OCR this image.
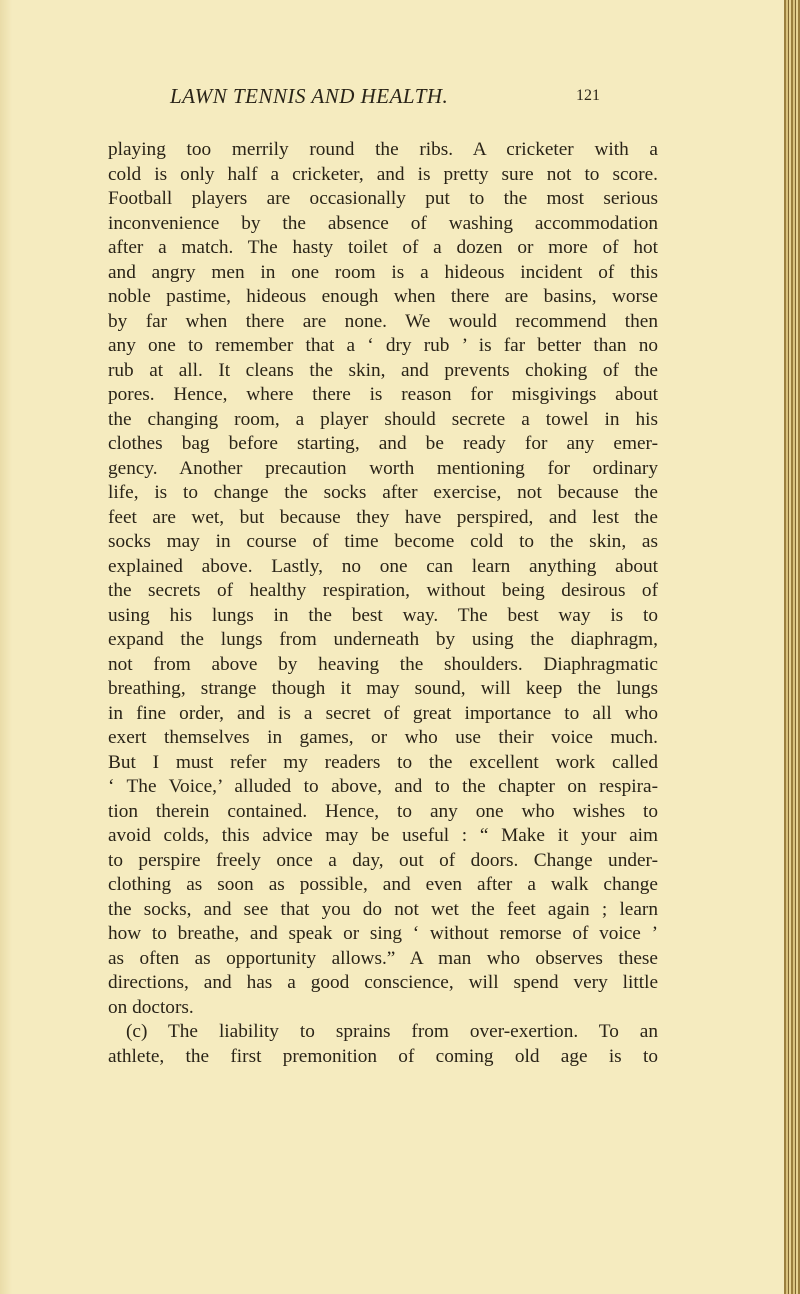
LAWN TENNIS AND HEALTH.	121
playing too merrily round the ribs. A cricketer with a
cold is only half a cricketer, and is pretty sure not to score.
Football players are occasionally put to the most serious
inconvenience by the absence of washing accommodation
after a match. The hasty toilet of a dozen or more of hot
and angry men in one room is a hideous incident of this
noble pastime, hideous enough when there are basins, worse
by far when there are none. We would recommend then
any one to remember that a ‘ dry rub ’ is far better than no
rub at all. It cleans the skin, and prevents choking of the
pores. Hence, where there is reason for misgivings about
the changing room, a player should secrete a towel in his
clothes bag before starting, and be ready for any emer-
gency. Another precaution worth mentioning for ordinary
life, is to change the socks after exercise, not because the
feet are wet, but because they have perspired, and lest the
socks may in course of time become cold to the skin, as
explained above. Lastly, no one can learn anything about
the secrets of healthy respiration, without being desirous of
using his lungs in the best way. The best way is to
expand the lungs from underneath by using the diaphragm,
not from above by heaving the shoulders. Diaphragmatic
breathing, strange though it may sound, will keep the lungs
in fine order, and is a secret of great importance to all who
exert themselves in games, or who use their voice much.
But I must refer my readers to the excellent work called
‘ The Voice,’ alluded to above, and to the chapter on respira-
tion therein contained. Hence, to any one who wishes to
avoid colds, this advice may be useful : “ Make it your aim
to perspire freely once a day, out of doors. Change under-
clothing as soon as possible, and even after a walk change
the socks, and see that you do not wet the feet again ; learn
how to breathe, and speak or sing ‘ without remorse of voice ’
as often as opportunity allows.” A man who observes these
directions, and has a good conscience, will spend very little
on doctors.
(c) The liability to sprains from over-exertion. To an
athlete, the first premonition of coming old age is to
